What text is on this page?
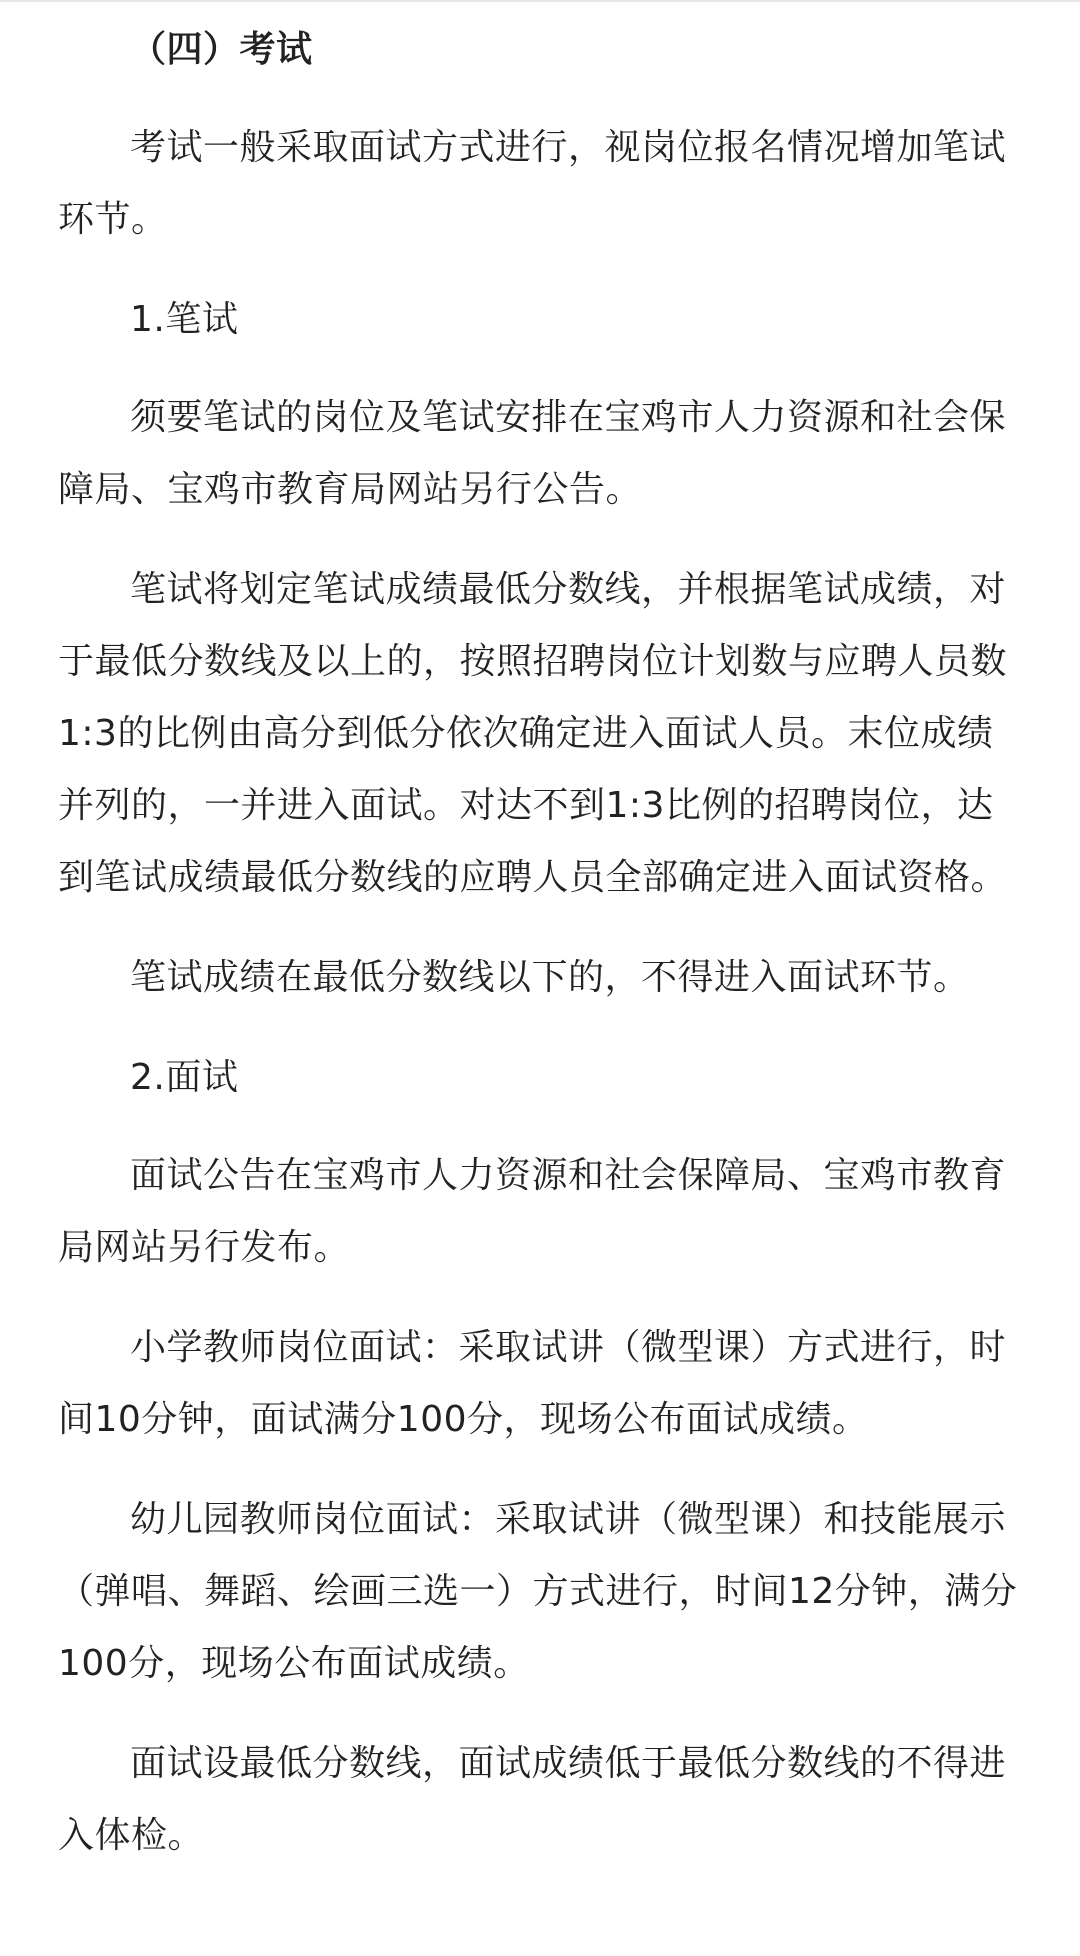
（四）考试

考试一般采取面试方式进行，视岗位报名情况增加笔试环节。

1.笔试

须要笔试的岗位及笔试安排在宝鸡市人力资源和社会保障局、宝鸡市教育局网站另行公告。

笔试将划定笔试成绩最低分数线，并根据笔试成绩，对于最低分数线及以上的，按照招聘岗位计划数与应聘人员数1:3的比例由高分到低分依次确定进入面试人员。末位成绩并列的，一并进入面试。对达不到1:3比例的招聘岗位，达到笔试成绩最低分数线的应聘人员全部确定进入面试资格。

笔试成绩在最低分数线以下的，不得进入面试环节。

2.面试

面试公告在宝鸡市人力资源和社会保障局、宝鸡市教育局网站另行发布。

小学教师岗位面试：采取试讲（微型课）方式进行，时间10分钟，面试满分100分，现场公布面试成绩。

幼儿园教师岗位面试：采取试讲（微型课）和技能展示（弹唱、舞蹈、绘画三选一）方式进行，时间12分钟，满分100分，现场公布面试成绩。

面试设最低分数线，面试成绩低于最低分数线的不得进入体检。
